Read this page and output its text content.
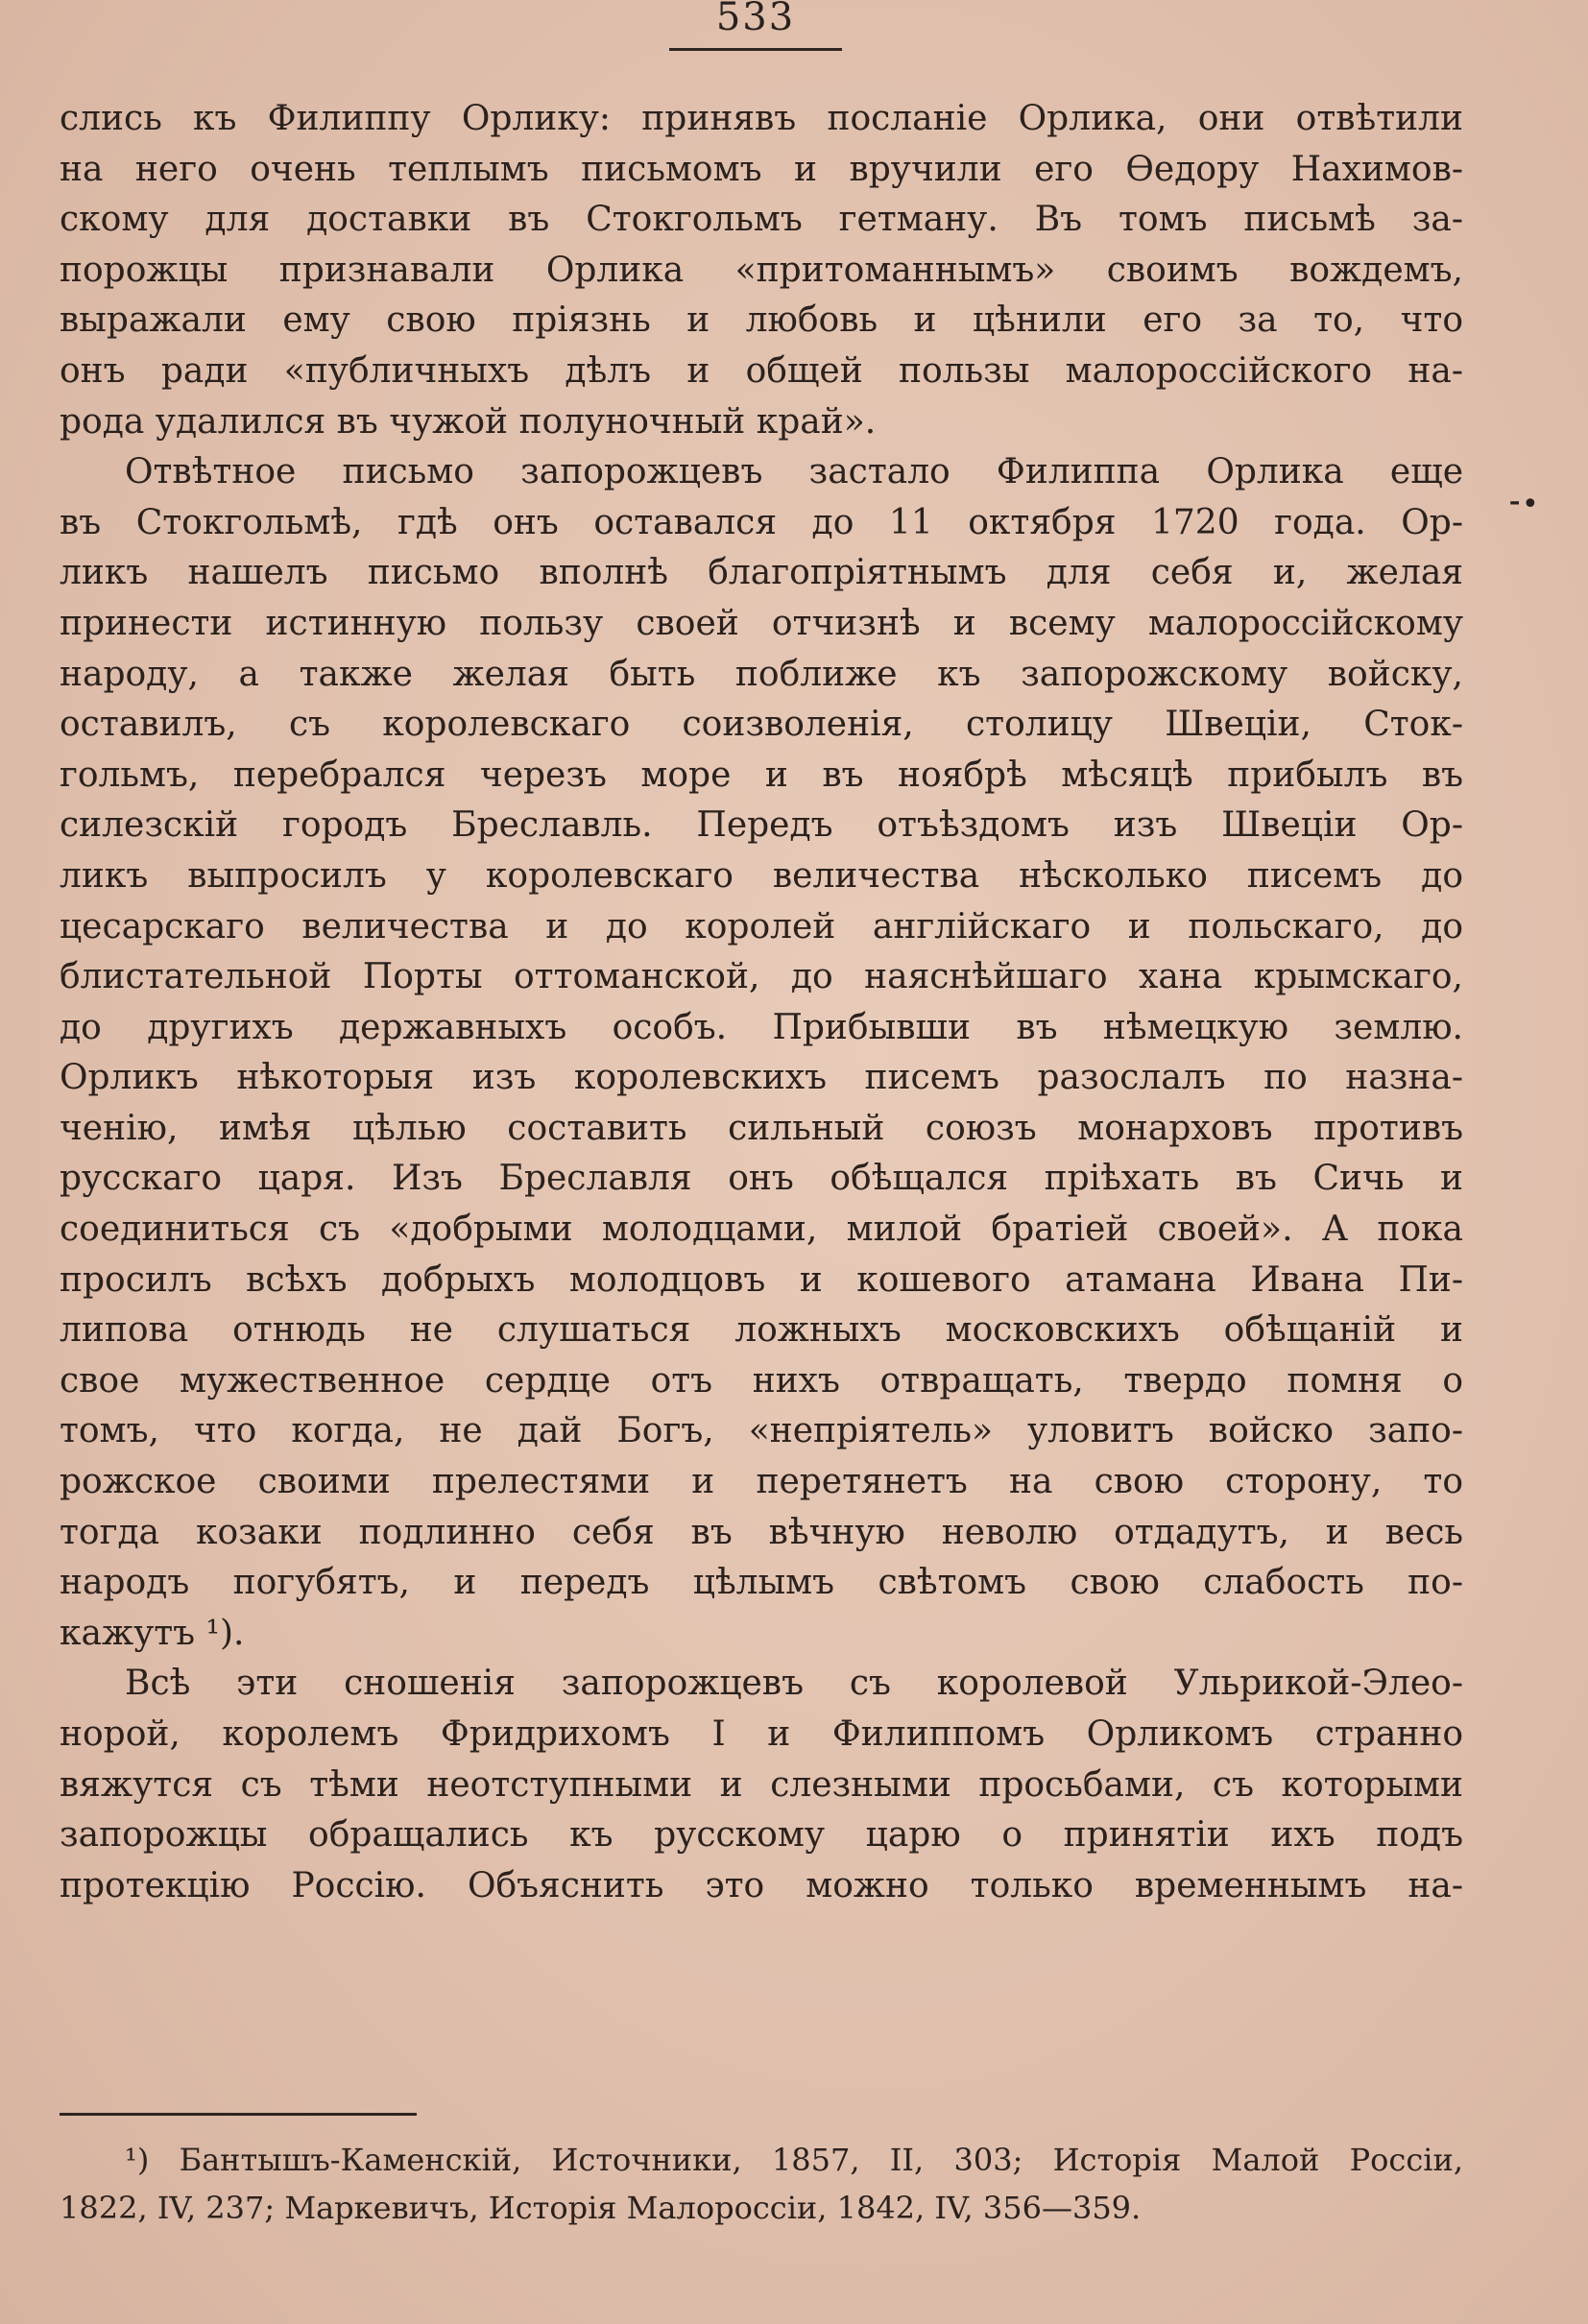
533
⁃•
слись къ Филиппу Орлику: принявъ посланіе Орлика, они отвѣтили
на него очень теплымъ письмомъ и вручили его Ѳедору Нахимов-
скому для доставки въ Стокгольмъ гетману. Въ томъ письмѣ за-
порожцы признавали Орлика «притоманнымъ» своимъ вождемъ,
выражали ему свою пріязнь и любовь и цѣнили его за то, что
онъ ради «публичныхъ дѣлъ и общей пользы малороссійского на-
рода удалился въ чужой полуночный край».
Отвѣтное письмо запорожцевъ застало Филиппа Орлика еще
въ Стокгольмѣ, гдѣ онъ оставался до 11 октября 1720 года. Ор-
ликъ нашелъ письмо вполнѣ благопріятнымъ для себя и, желая
принести истинную пользу своей отчизнѣ и всему малороссійскому
народу, а также желая быть поближе къ запорожскому войску,
оставилъ, съ королевскаго соизволенія, столицу Швеціи, Сток-
гольмъ, перебрался черезъ море и въ ноябрѣ мѣсяцѣ прибылъ въ
силезскій городъ Бреславль. Передъ отъѣздомъ изъ Швеціи Ор-
ликъ выпросилъ у королевскаго величества нѣсколько писемъ до
цесарскаго величества и до королей англійскаго и польскаго, до
блистательной Порты оттоманской, до наяснѣйшаго хана крымскаго,
до другихъ державныхъ особъ. Прибывши въ нѣмецкую землю.
Орликъ нѣкоторыя изъ королевскихъ писемъ разослалъ по назна-
ченію, имѣя цѣлью составить сильный союзъ монарховъ противъ
русскаго царя. Изъ Бреславля онъ обѣщался пріѣхать въ Сичь и
соединиться съ «добрыми молодцами, милой братіей своей». А пока
просилъ всѣхъ добрыхъ молодцовъ и кошевого атамана Ивана Пи-
липова отнюдь не слушаться ложныхъ московскихъ обѣщаній и
свое мужественное сердце отъ нихъ отвращать, твердо помня о
томъ, что когда, не дай Богъ, «непріятель» уловитъ войско запо-
рожское своими прелестями и перетянетъ на свою сторону, то
тогда козаки подлинно себя въ вѣчную неволю отдадутъ, и весь
народъ погубятъ, и передъ цѣлымъ свѣтомъ свою слабость по-
кажутъ ¹).
Всѣ эти сношенія запорожцевъ съ королевой Ульрикой-Элео-
норой, королемъ Фридрихомъ I и Филиппомъ Орликомъ странно
вяжутся съ тѣми неотступными и слезными просьбами, съ которыми
запорожцы обращались къ русскому царю о принятіи ихъ подъ
протекцію Россію. Объяснить это можно только временнымъ на-
¹) Бантышъ-Каменскій, Источники, 1857, II, 303; Исторія Малой Россіи,
1822, IV, 237; Маркевичъ, Исторія Малороссіи, 1842, IV, 356—359.
